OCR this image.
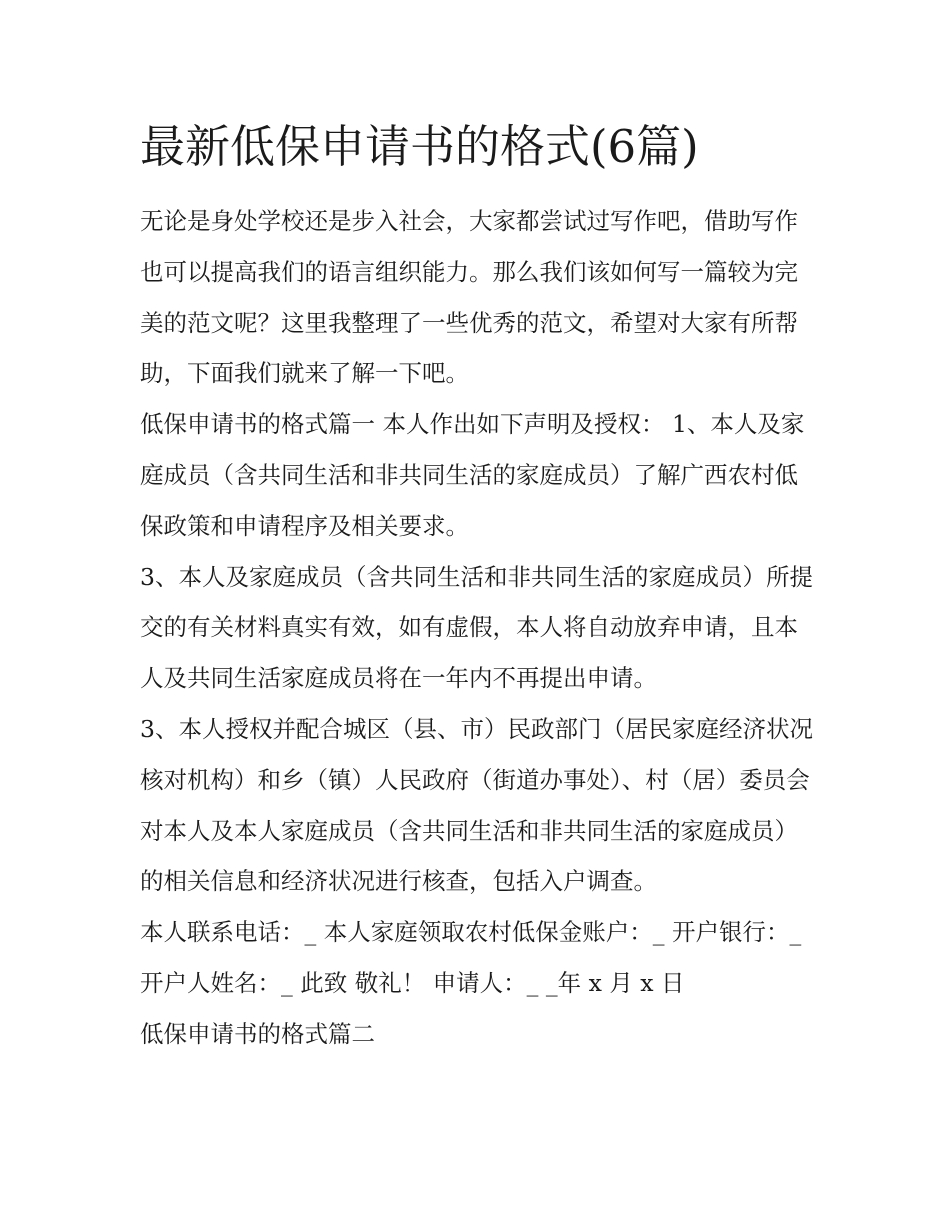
最新低保申请书的格式(6篇)

无论是身处学校还是步入社会，大家都尝试过写作吧，借助写作也可以提高我们的语言组织能力。那么我们该如何写一篇较为完美的范文呢？这里我整理了一些优秀的范文，希望对大家有所帮助，下面我们就来了解一下吧。

低保申请书的格式篇一 本人作出如下声明及授权： 1、本人及家庭成员（含共同生活和非共同生活的家庭成员）了解广西农村低保政策和申请程序及相关要求。

3、本人及家庭成员（含共同生活和非共同生活的家庭成员）所提交的有关材料真实有效，如有虚假，本人将自动放弃申请，且本人及共同生活家庭成员将在一年内不再提出申请。

3、本人授权并配合城区（县、市）民政部门（居民家庭经济状况核对机构）和乡（镇）人民政府（街道办事处）、村（居）委员会对本人及本人家庭成员（含共同生活和非共同生活的家庭成员）的相关信息和经济状况进行核查，包括入户调查。

本人联系电话：_ 本人家庭领取农村低保金账户：_ 开户银行：_ 开户人姓名：_ 此致 敬礼！ 申请人：_ _年 x 月 x 日

低保申请书的格式篇二
